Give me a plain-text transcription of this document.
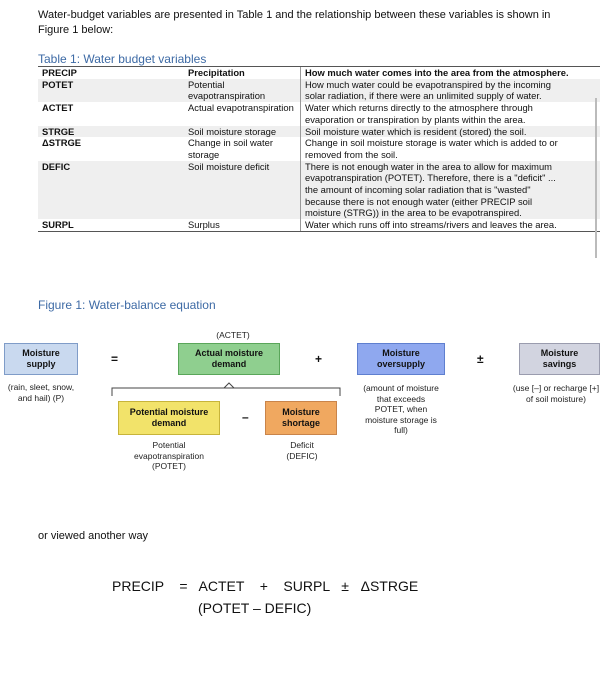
Water-budget variables are presented in Table 1 and the relationship between these variables is shown in Figure 1 below:
Table 1: Water budget variables
PRECIP	Precipitation	How much water comes into the area from the atmosphere.

POTET	Potential evapotranspiration	How much water could be evapotranspired by the incoming
solar radiation, if there were an unlimited supply of water.

ACTET	Actual evapotranspiration	Water which returns directly to the atmosphere through
evaporation or transpiration by plants within the area.

STRGE	Soil moisture storage	Soil moisture water which is resident (stored) the soil.

ΔSTRGE	Change in soil water storage	Change in soil moisture storage is water which is added to or
removed from the soil.

DEFIC	Soil moisture deficit	There is not enough water in the area to allow for maximum
evapotranspiration (POTET). Therefore, there is a "deficit" ...
the amount of incoming solar radiation that is "wasted"
because there is not enough water (either PRECIP soil
moisture (STRG)) in the area to be evapotranspired.

SURPL	Surplus	Water which runs off into streams/rivers and leaves the area.
Figure 1: Water-balance equation
(ACTET)
Moisture supply
(rain, sleet, snow, and hail) (P)
=	Actual moisture demand	+	Moisture oversupply
(amount of moisture that exceeds POTET, when moisture storage is full)
±	Moisture savings
(use [–] or recharge [+] of soil moisture)
Potential moisture demand	–	Moisture shortage
Potential evapotranspiration (POTET)
Deficit (DEFIC)
or viewed another way
PRECIP    =   ACTET    +    SURPL   ±   ΔSTRGE
(POTET – DEFIC)
